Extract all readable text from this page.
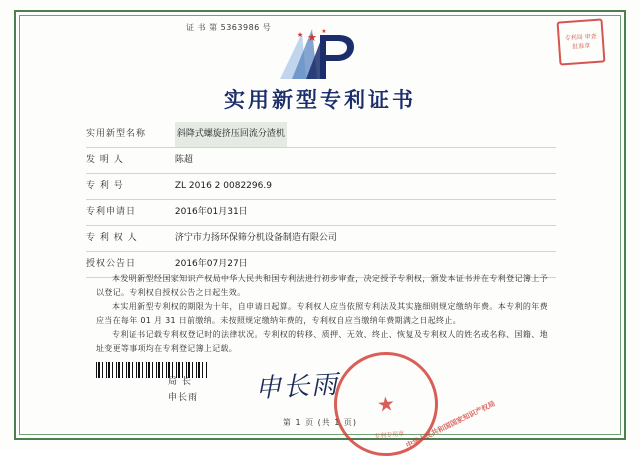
证 书 第 5363986 号
专利局 审查 批准章
★
★	★
实用新型专利证书
实用新型名称	斜降式螺旋挤压回流分渣机
发 明 人	陈超
专 利 号	ZL 2016 2 0082296.9
专利申请日	2016年01月31日
专 利 权 人	济宁市力扬环保筛分机设备制造有限公司
授权公告日	2016年07月27日

本发明新型经国家知识产权局中华人民共和国专利法进行初步审查，决定授予专利权，颁发本证书并在专利登记簿上予以登记。专利权自授权公告之日起生效。

本实用新型专利权的期限为十年，自申请日起算。专利权人应当依照专利法及其实施细则规定缴纳年费。本专利的年费应当在每年 01 月 31 日前缴纳。未按照规定缴纳年费的，专利权自应当缴纳年费期满之日起终止。

专利证书记载专利权登记时的法律状况。专利权的转移、质押、无效、终止、恢复及专利权人的姓名或名称、国籍、地址变更等事项均在专利登记簿上记载。

局 长
申长雨 申长雨
中华人民共和国国家知识产权局
★
专利专用章
第 1 页 (共 1 页)
